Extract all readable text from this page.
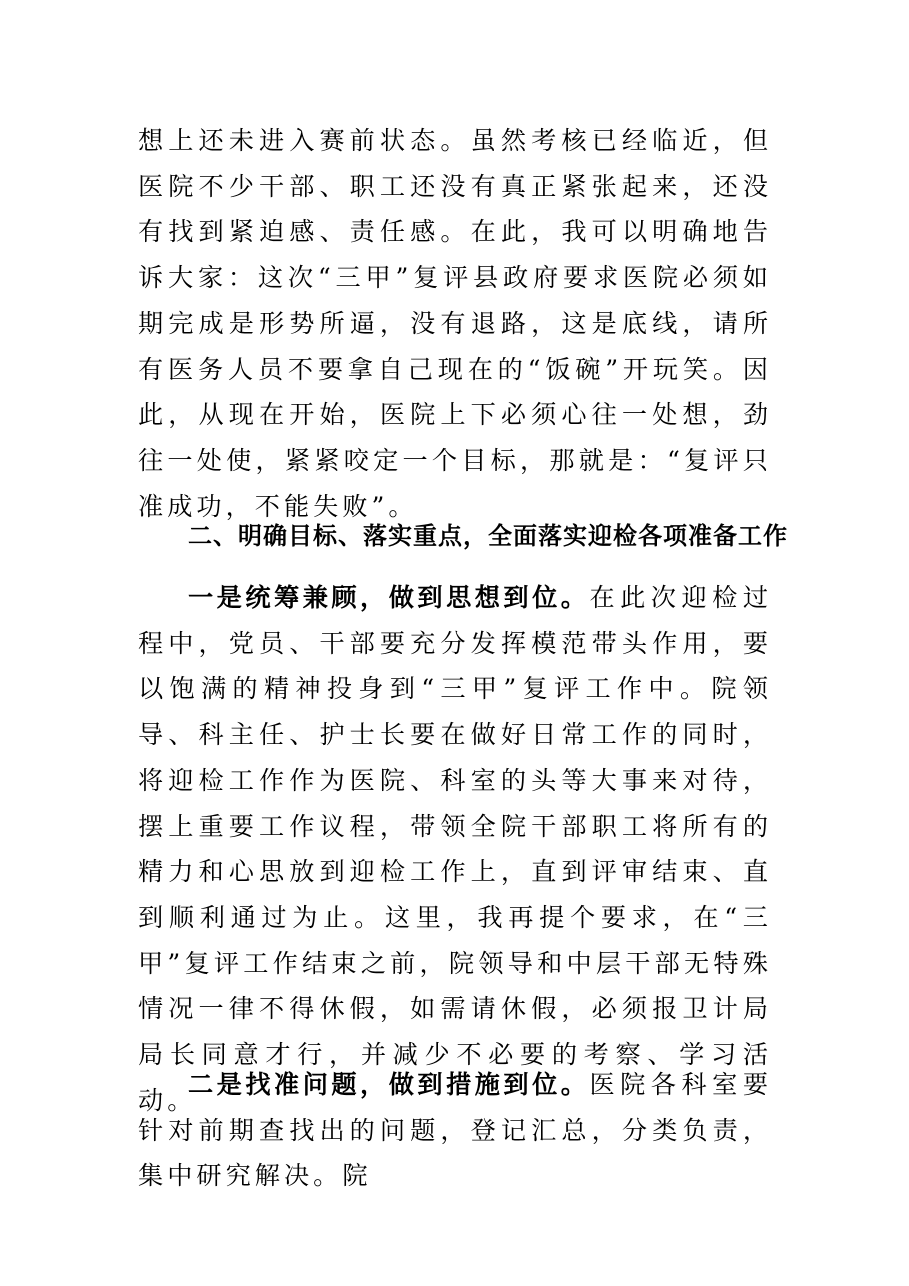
想上还未进入赛前状态。虽然考核已经临近，但医院不少干部、职工还没有真正紧张起来，还没有找到紧迫感、责任感。在此，我可以明确地告诉大家：这次“三甲”复评县政府要求医院必须如期完成是形势所逼，没有退路，这是底线，请所有医务人员不要拿自己现在的“饭碗”开玩笑。因此，从现在开始，医院上下必须心往一处想，劲往一处使，紧紧咬定一个目标，那就是：“复评只准成功，不能失败”。

二、明确目标、落实重点，全面落实迎检各项准备工作

一是统筹兼顾，做到思想到位。在此次迎检过程中，党员、干部要充分发挥模范带头作用，要以饱满的精神投身到“三甲”复评工作中。院领导、科主任、护士长要在做好日常工作的同时，将迎检工作作为医院、科室的头等大事来对待，摆上重要工作议程，带领全院干部职工将所有的精力和心思放到迎检工作上，直到评审结束、直到顺利通过为止。这里，我再提个要求，在“三甲”复评工作结束之前，院领导和中层干部无特殊情况一律不得休假，如需请休假，必须报卫计局局长同意才行，并减少不必要的考察、学习活动。

二是找准问题，做到措施到位。医院各科室要针对前期查找出的问题，登记汇总，分类负责，集中研究解决。院
